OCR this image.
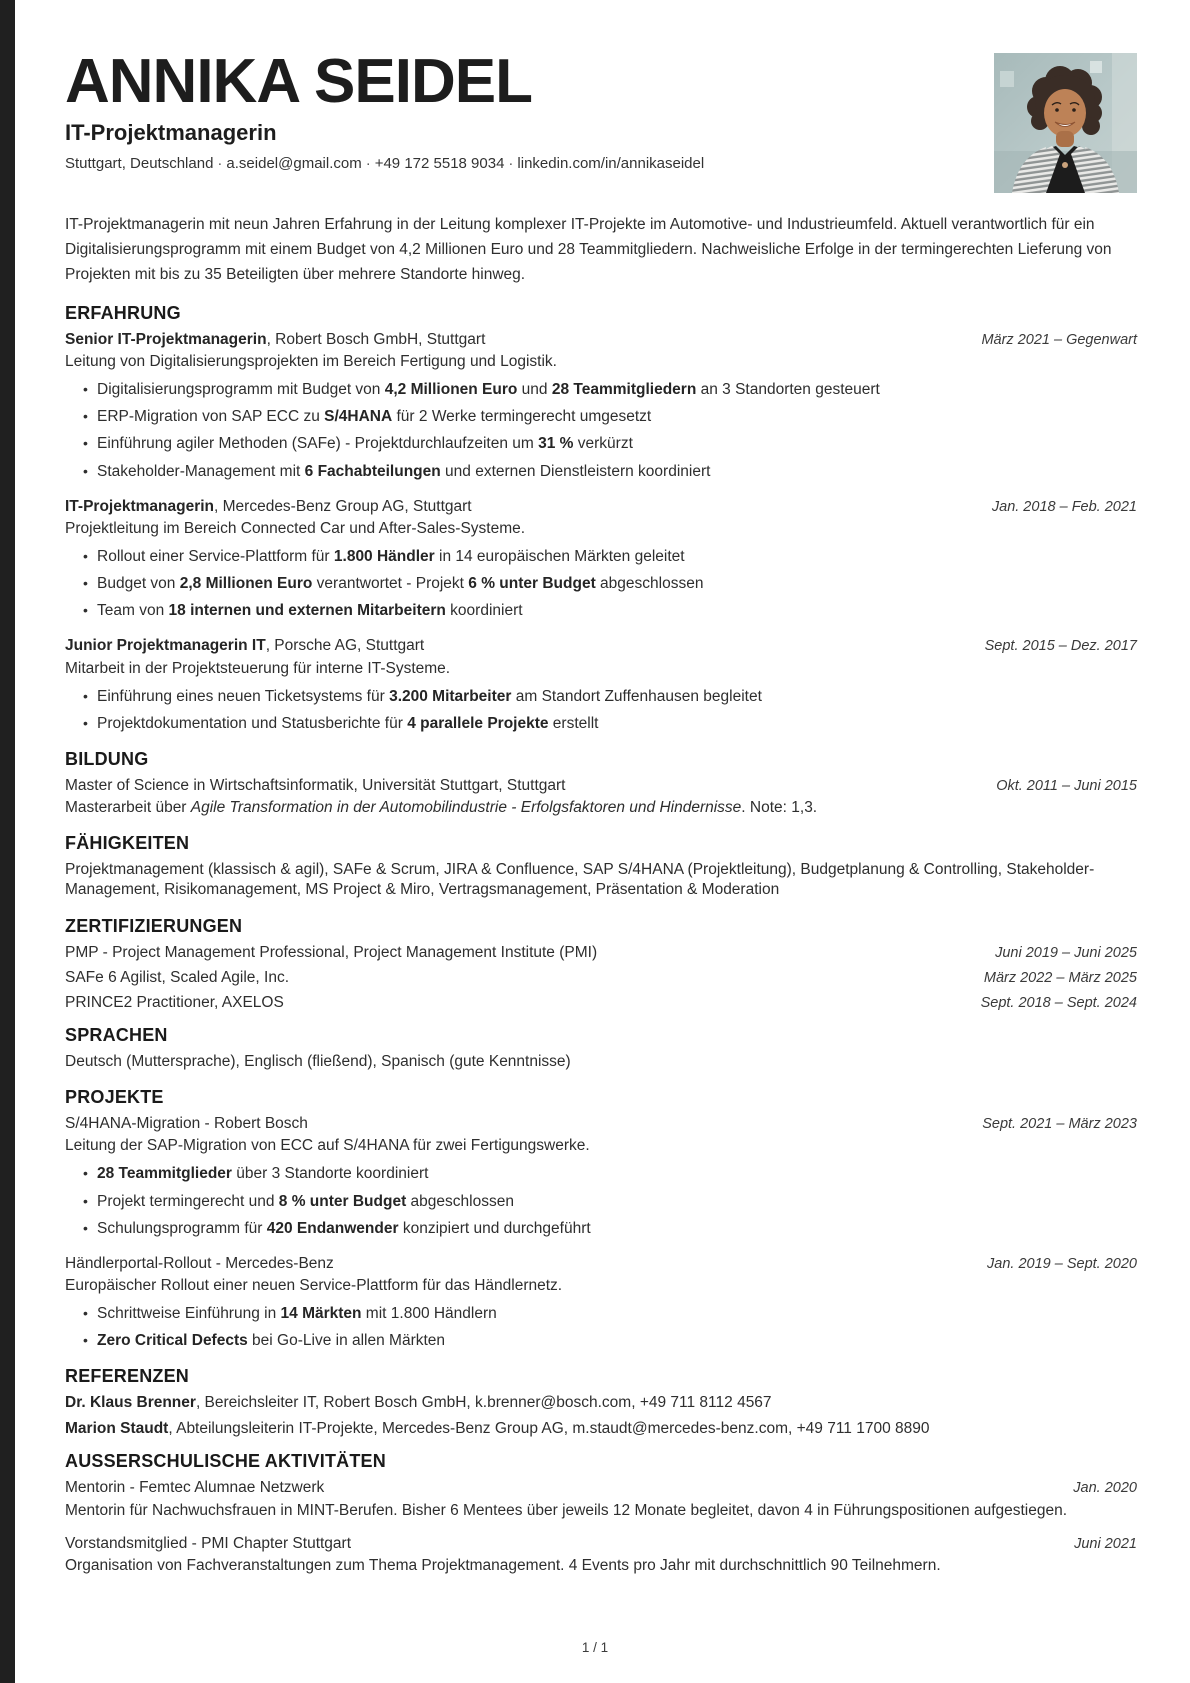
ANNIKA SEIDEL
IT-Projektmanagerin
Stuttgart, Deutschland · a.seidel@gmail.com · +49 172 5518 9034 · linkedin.com/in/annikaseidel

IT-Projektmanagerin mit neun Jahren Erfahrung in der Leitung komplexer IT-Projekte im Automotive- und Industrieumfeld. Aktuell verantwortlich für ein Digitalisierungsprogramm mit einem Budget von 4,2 Millionen Euro und 28 Teammitgliedern. Nachweisliche Erfolge in der termingerechten Lieferung von Projekten mit bis zu 35 Beteiligten über mehrere Standorte hinweg.

ERFAHRUNG
Senior IT-Projektmanagerin, Robert Bosch GmbH, Stuttgart	März 2021 – Gegenwart

Leitung von Digitalisierungsprojekten im Bereich Fertigung und Logistik.

• Digitalisierungsprogramm mit Budget von 4,2 Millionen Euro und 28 Teammitgliedern an 3 Standorten gesteuert
• ERP-Migration von SAP ECC zu S/4HANA für 2 Werke termingerecht umgesetzt
• Einführung agiler Methoden (SAFe) - Projektdurchlaufzeiten um 31 % verkürzt
• Stakeholder-Management mit 6 Fachabteilungen und externen Dienstleistern koordiniert
IT-Projektmanagerin, Mercedes-Benz Group AG, Stuttgart	Jan. 2018 – Feb. 2021

Projektleitung im Bereich Connected Car und After-Sales-Systeme.

• Rollout einer Service-Plattform für 1.800 Händler in 14 europäischen Märkten geleitet
• Budget von 2,8 Millionen Euro verantwortet - Projekt 6 % unter Budget abgeschlossen
• Team von 18 internen und externen Mitarbeitern koordiniert
Junior Projektmanagerin IT, Porsche AG, Stuttgart	Sept. 2015 – Dez. 2017

Mitarbeit in der Projektsteuerung für interne IT-Systeme.

• Einführung eines neuen Ticketsystems für 3.200 Mitarbeiter am Standort Zuffenhausen begleitet
• Projektdokumentation und Statusberichte für 4 parallele Projekte erstellt
BILDUNG
Master of Science in Wirtschaftsinformatik, Universität Stuttgart, Stuttgart	Okt. 2011 – Juni 2015

Masterarbeit über Agile Transformation in der Automobilindustrie - Erfolgsfaktoren und Hindernisse. Note: 1,3.

FÄHIGKEITEN

Projektmanagement (klassisch & agil), SAFe & Scrum, JIRA & Confluence, SAP S/4HANA (Projektleitung), Budgetplanung & Controlling, Stakeholder-Management, Risikomanagement, MS Project & Miro, Vertragsmanagement, Präsentation & Moderation

ZERTIFIZIERUNGEN
PMP - Project Management Professional, Project Management Institute (PMI)	Juni 2019 – Juni 2025
SAFe 6 Agilist, Scaled Agile, Inc.	März 2022 – März 2025
PRINCE2 Practitioner, AXELOS	Sept. 2018 – Sept. 2024
SPRACHEN

Deutsch (Muttersprache), Englisch (fließend), Spanisch (gute Kenntnisse)

PROJEKTE
S/4HANA-Migration - Robert Bosch	Sept. 2021 – März 2023

Leitung der SAP-Migration von ECC auf S/4HANA für zwei Fertigungswerke.

• 28 Teammitglieder über 3 Standorte koordiniert
• Projekt termingerecht und 8 % unter Budget abgeschlossen
• Schulungsprogramm für 420 Endanwender konzipiert und durchgeführt
Händlerportal-Rollout - Mercedes-Benz	Jan. 2019 – Sept. 2020

Europäischer Rollout einer neuen Service-Plattform für das Händlernetz.

• Schrittweise Einführung in 14 Märkten mit 1.800 Händlern
• Zero Critical Defects bei Go-Live in allen Märkten
REFERENZEN
Dr. Klaus Brenner, Bereichsleiter IT, Robert Bosch GmbH, k.brenner@bosch.com, +49 711 8112 4567
Marion Staudt, Abteilungsleiterin IT-Projekte, Mercedes-Benz Group AG, m.staudt@mercedes-benz.com, +49 711 1700 8890
AUSSERSCHULISCHE AKTIVITÄTEN
Mentorin - Femtec Alumnae Netzwerk	Jan. 2020

Mentorin für Nachwuchsfrauen in MINT-Berufen. Bisher 6 Mentees über jeweils 12 Monate begleitet, davon 4 in Führungspositionen aufgestiegen.

Vorstandsmitglied - PMI Chapter Stuttgart	Juni 2021

Organisation von Fachveranstaltungen zum Thema Projektmanagement. 4 Events pro Jahr mit durchschnittlich 90 Teilnehmern.

1 / 1
